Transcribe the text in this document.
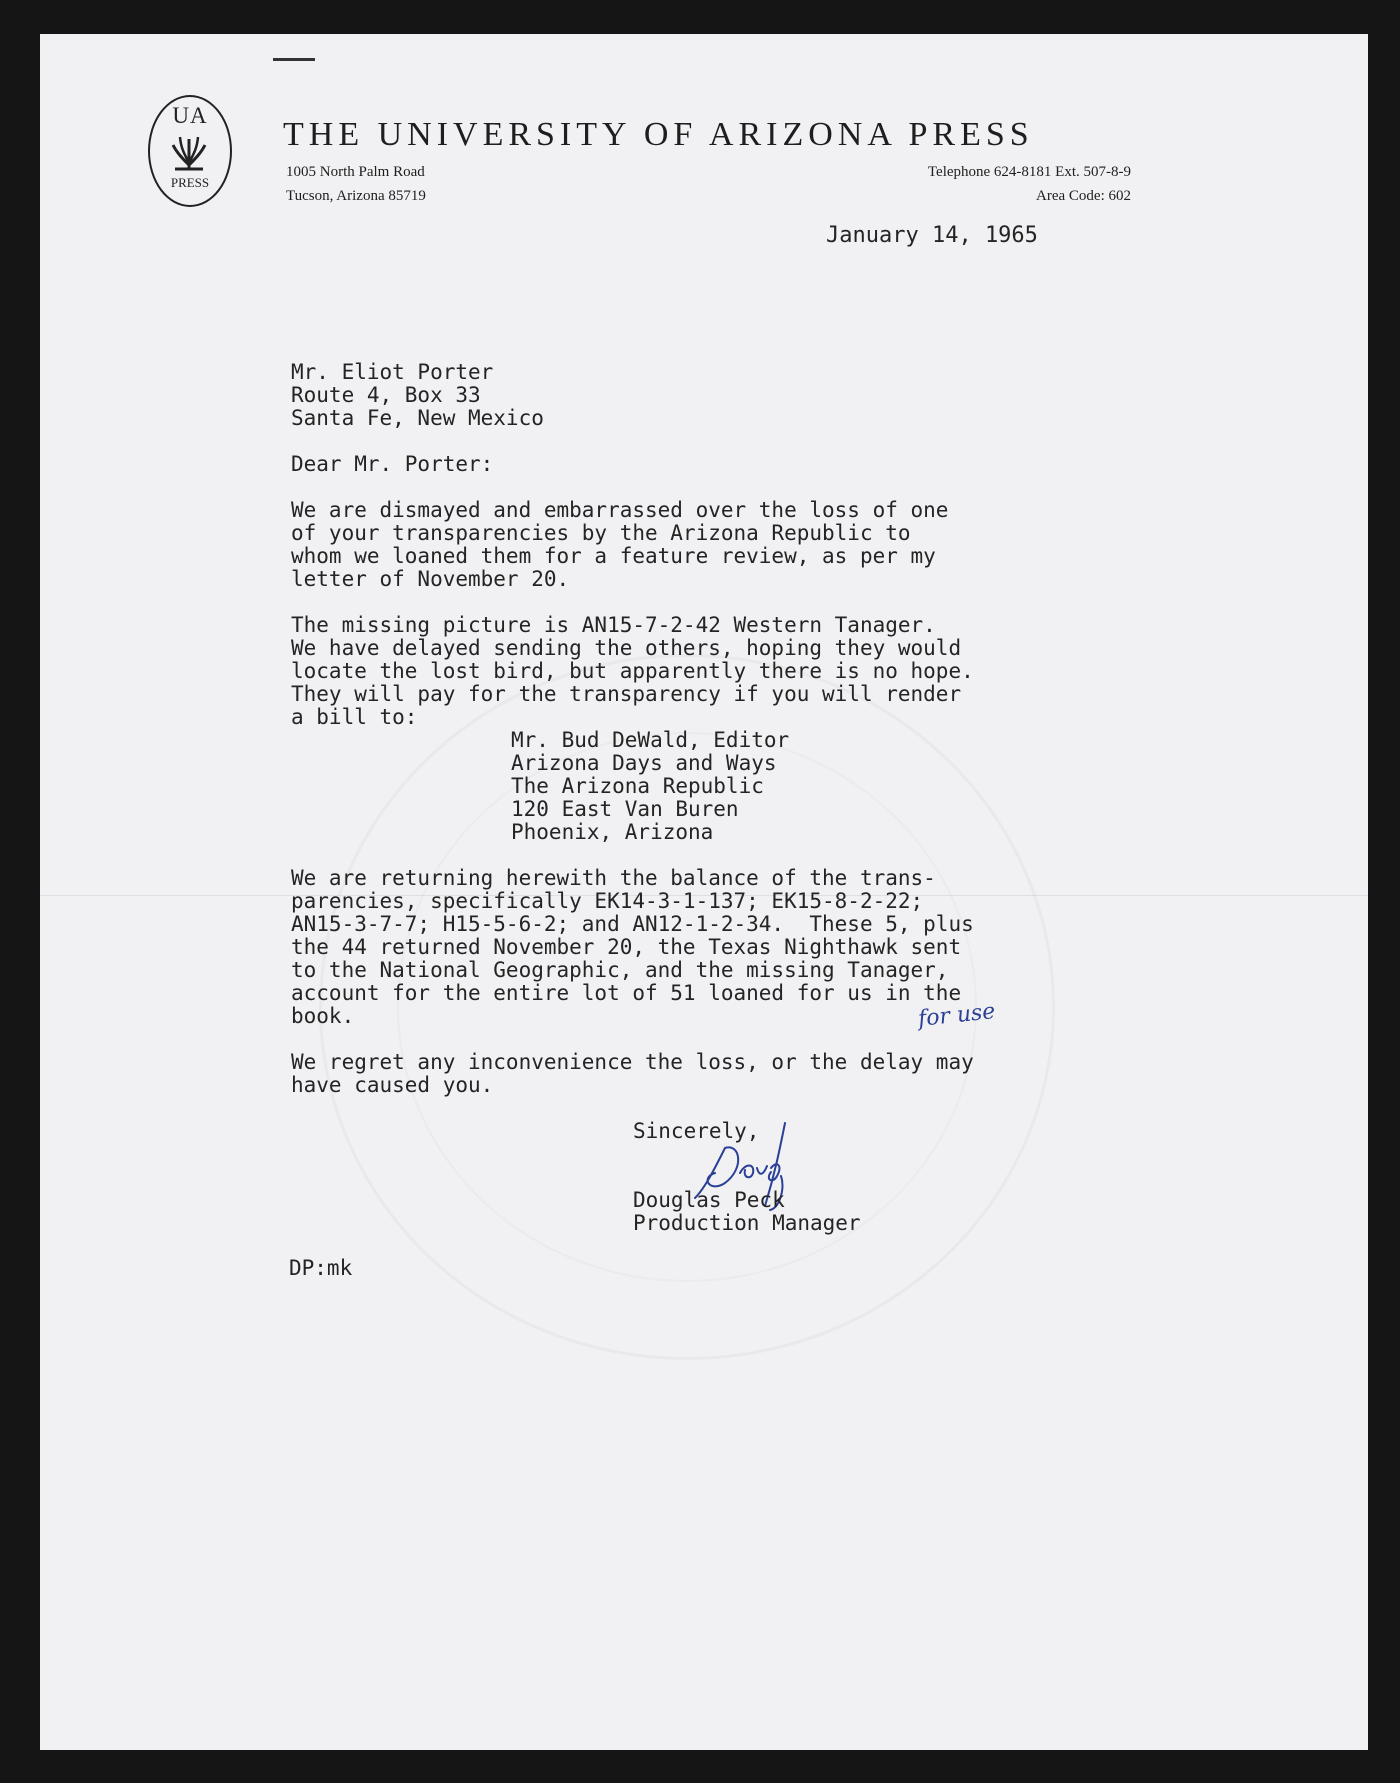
UA
PRESS
THE UNIVERSITY OF ARIZONA PRESS
1005 North Palm Road
Tucson, Arizona 85719
Telephone 624-8181 Ext. 507-8-9
Area Code: 602
January 14, 1965
Mr. Eliot Porter
Route 4, Box 33
Santa Fe, New Mexico
Dear Mr. Porter:
We are dismayed and embarrassed over the loss of one
of your transparencies by the Arizona Republic to
whom we loaned them for a feature review, as per my
letter of November 20.
The missing picture is AN15-7-2-42 Western Tanager.
We have delayed sending the others, hoping they would
locate the lost bird, but apparently there is no hope.
They will pay for the transparency if you will render
a bill to:
Mr. Bud DeWald, Editor
Arizona Days and Ways
The Arizona Republic
120 East Van Buren
Phoenix, Arizona
We are returning herewith the balance of the trans-
parencies, specifically EK14-3-1-137; EK15-8-2-22;
AN15-3-7-7; H15-5-6-2; and AN12-1-2-34.  These 5, plus
the 44 returned November 20, the Texas Nighthawk sent
to the National Geographic, and the missing Tanager,
account for the entire lot of 51 loaned for us in the
book.	for use
We regret any inconvenience the loss, or the delay may
have caused you.
Sincerely,
Douglas Peck
Production Manager
DP:mk
